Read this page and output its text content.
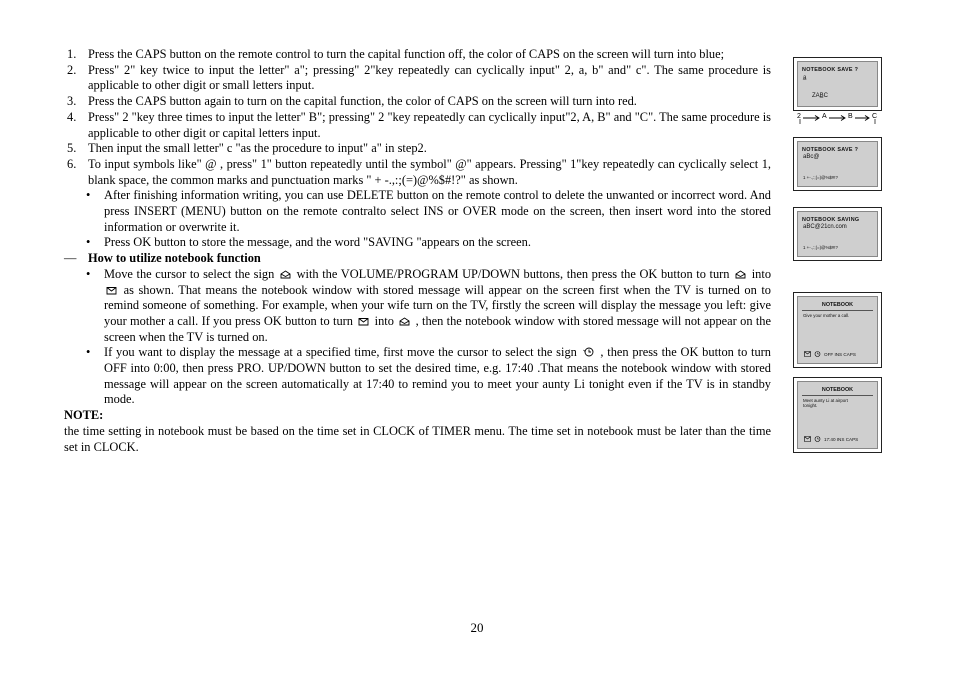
1. Press the CAPS button on the remote control to turn the capital function off, the color of CAPS on the screen will turn into blue;
2. Press" 2" key twice to input the letter" a"; pressing" 2"key repeatedly can cyclically input" 2, a, b" and" c". The same procedure is applicable to other digit or small letters input.
3. Press the CAPS button again to turn on the capital function, the color of CAPS on the screen will turn into red.
4. Press" 2 "key three times to input the letter" B"; pressing" 2 "key repeatedly can cyclically input"2, A, B" and "C". The same procedure is applicable to other digit or capital letters input.
5. Then input the small letter" c "as the procedure to input" a" in step2.
6. To input symbols like" @ , press" 1" button repeatedly until the symbol" @" appears. Pressing" 1"key repeatedly can cyclically select 1, blank space, the common marks and punctuation marks " + -.,:;(=)@%$#!?" as shown.
• After finishing information writing, you can use DELETE button on the remote control to delete the unwanted or incorrect word. And press INSERT (MENU) button on the remote contralto select INS or OVER mode on the screen, then insert word into the stored information or overwrite it.
• Press OK button to store the message, and the word "SAVING "appears on the screen.
— How to utilize notebook function
• Move the cursor to select the sign with the VOLUME/PROGRAM UP/DOWN buttons, then press the OK button to turn into  as shown. That means the notebook window with stored message will appear on the screen first when the TV is turned on to remind someone of something. For example, when your wife turn on the TV, firstly the screen will display the message you left: give your mother a call. If you press OK button to turn into , then the notebook window with stored message will not appear on the screen when the TV is turned on.
• If you want to display the message at a specified time, first move the cursor to select the sign , then press the OK button to turn OFF into 0:00, then press PRO. UP/DOWN button to set the desired time, e.g. 17:40 .That means the notebook window with stored message will appear on the screen automatically at 17:40 to remind you to meet your aunty Li tonight even if the TV is in standby mode.
NOTE:
the time setting in notebook must be based on the time set in CLOCK of TIMER menu. The time set in notebook must be later than the time set in CLOCK.
NOTEBOOK SAVE ?
a̲
ZAB̲C
2	A	B	C
NOTEBOOK SAVE ?
aBc@
1 +-.,:;(=)@%$#!?
NOTEBOOK SAVING
aBC@21cn.com
1 +-.,:;(=)@%$#!?
NOTEBOOK
Give your mother a call.
OFF INS CAPS
NOTEBOOK
Meet aunty Li at airport tonight.
17:40 INS CAPS
20
